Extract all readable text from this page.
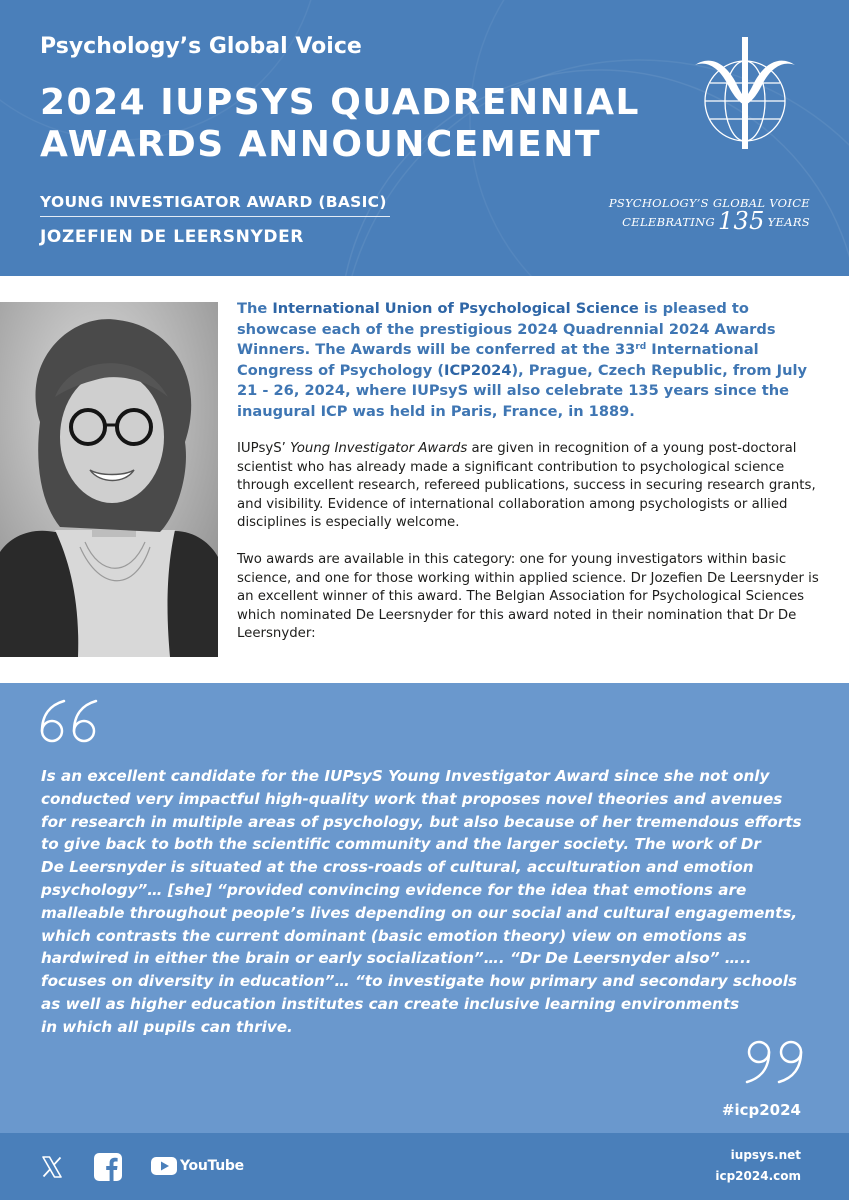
Psychology’s Global Voice
2024 IUPSYS QUADRENNIAL
AWARDS ANNOUNCEMENT
YOUNG INVESTIGATOR AWARD (BASIC)
JOZEFIEN DE LEERSNYDER
PSYCHOLOGY’S GLOBAL VOICE
CELEBRATING 135 YEARS
The International Union of Psychological Science is pleased to showcase each of the prestigious 2024 Quadrennial 2024 Awards Winners. The Awards will be conferred at the 33rd International Congress of Psychology (ICP2024), Prague, Czech Republic, from July 21 - 26, 2024, where IUPsyS will also celebrate 135 years since the inaugural ICP was held in Paris, France, in 1889.
IUPsyS’ Young Investigator Awards are given in recognition of a young post-doctoral scientist who has already made a significant contribution to psychological science through excellent research, refereed publications, success in securing research grants, and visibility. Evidence of international collaboration among psychologists or allied disciplines is especially welcome.
Two awards are available in this category: one for young investigators within basic science, and one for those working within applied science. Dr Jozefien De Leersnyder is an excellent winner of this award. The Belgian Association for Psychological Sciences which nominated De Leersnyder for this award noted in their nomination that Dr De Leersnyder:
Is an excellent candidate for the IUPsyS Young Investigator Award since she not only
conducted very impactful high-quality work that proposes novel theories and avenues
for research in multiple areas of psychology, but also because of her tremendous efforts
to give back to both the scientific community and the larger society. The work of Dr
De Leersnyder is situated at the cross-roads of cultural, acculturation and emotion
psychology”… [she] “provided convincing evidence for the idea that emotions are
malleable throughout people’s lives depending on our social and cultural engagements,
which contrasts the current dominant (basic emotion theory) view on emotions as
hardwired in either the brain or early socialization”…. “Dr De Leersnyder also” …..
focuses on diversity in education”… “to investigate how primary and secondary schools
as well as higher education institutes can create inclusive learning environments
in which all pupils can thrive.
#icp2024
YouTube
iupsys.net
icp2024.com
